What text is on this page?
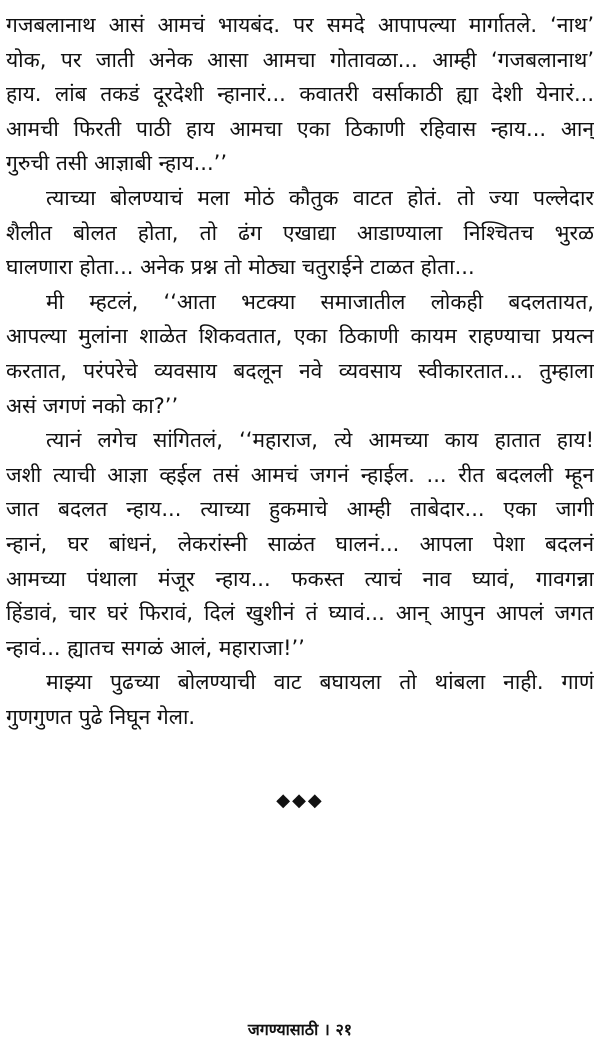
गजबलानाथ आसं आमचं भायबंद. पर समदे आपापल्या मार्गातले. ‘नाथ’
योक, पर जाती अनेक आसा आमचा गोतावळा... आम्ही ‘गजबलानाथ’
हाय. लांब तकडं दूरदेशी न्हानारं... कवातरी वर्साकाठी ह्या देशी येनारं...
आमची फिरती पाठी हाय आमचा एका ठिकाणी रहिवास न्हाय... आन्
गुरुची तसी आज्ञाबी न्हाय...’’
त्याच्या बोलण्याचं मला मोठं कौतुक वाटत होतं. तो ज्या पल्लेदार
शैलीत बोलत होता, तो ढंग एखाद्या आडाण्याला निश्चितच भुरळ
घालणारा होता... अनेक प्रश्न तो मोठ्या चतुराईने टाळत होता...
मी म्हटलं, ‘‘आता भटक्या समाजातील लोकही बदलतायत,
आपल्या मुलांना शाळेत शिकवतात, एका ठिकाणी कायम राहण्याचा प्रयत्न
करतात, परंपरेचे व्यवसाय बदलून नवे व्यवसाय स्वीकारतात... तुम्हाला
असं जगणं नको का?’’
त्यानं लगेच सांगितलं, ‘‘महाराज, त्ये आमच्या काय हातात हाय!
जशी त्याची आज्ञा व्हईल तसं आमचं जगनं न्हाईल. ... रीत बदलली म्हून
जात बदलत न्हाय... त्याच्या हुकमाचे आम्ही ताबेदार... एका जागी
न्हानं, घर बांधनं, लेकरांस्नी साळंत घालनं... आपला पेशा बदलनं
आमच्या पंथाला मंजूर न्हाय... फकस्त त्याचं नाव घ्यावं, गावगन्ना
हिंडावं, चार घरं फिरावं, दिलं खुशीनं तं घ्यावं... आन् आपुन आपलं जगत
न्हावं... ह्यातच सगळं आलं, महाराजा!’’
माझ्या पुढच्या बोलण्याची वाट बघायला तो थांबला नाही. गाणं
गुणगुणत पुढे निघून गेला.
◆◆◆
जगण्यासाठी । २१
